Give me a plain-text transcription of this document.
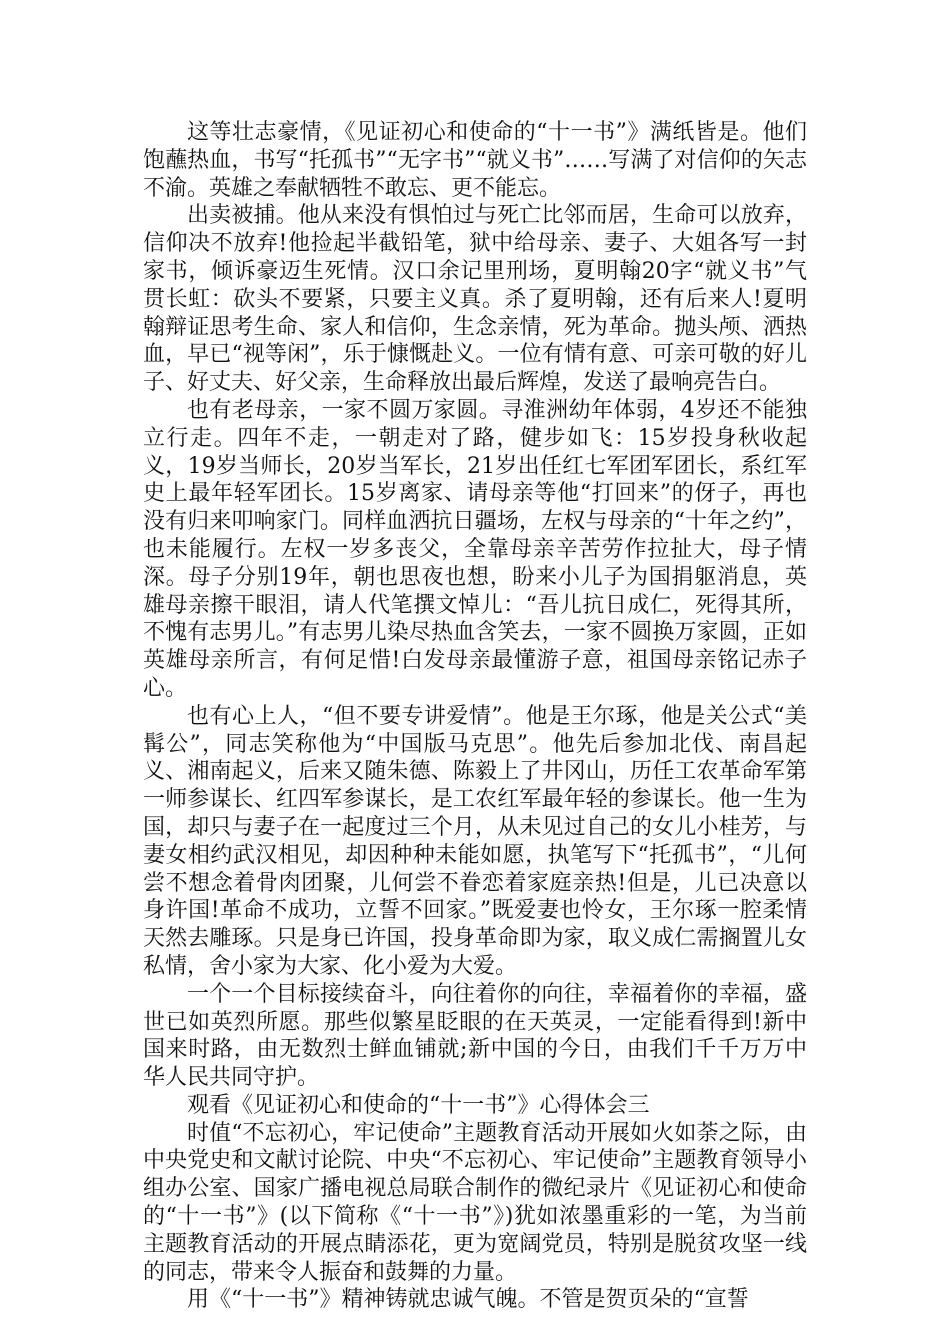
这等壮志豪情，《见证初心和使命的“十一书”》满纸皆是。他们饱蘸热血，书写“托孤书”“无字书”“就义书”……写满了对信仰的矢志不渝。英雄之奉献牺牲不敢忘、更不能忘。

出卖被捕。他从来没有惧怕过与死亡比邻而居，生命可以放弃，信仰决不放弃!他捡起半截铅笔，狱中给母亲、妻子、大姐各写一封家书，倾诉豪迈生死情。汉口余记里刑场，夏明翰20字“就义书”气贯长虹：砍头不要紧，只要主义真。杀了夏明翰，还有后来人!夏明翰辩证思考生命、家人和信仰，生念亲情，死为革命。抛头颅、洒热血，早已“视等闲”，乐于慷慨赴义。一位有情有意、可亲可敬的好儿子、好丈夫、好父亲，生命释放出最后辉煌，发送了最响亮告白。

也有老母亲，一家不圆万家圆。寻淮洲幼年体弱，4岁还不能独立行走。四年不走，一朝走对了路，健步如飞：15岁投身秋收起义，19岁当师长，20岁当军长，21岁出任红七军团军团长，系红军史上最年轻军团长。15岁离家、请母亲等他“打回来”的伢子，再也没有归来叩响家门。同样血洒抗日疆场，左权与母亲的“十年之约”，也未能履行。左权一岁多丧父，全靠母亲辛苦劳作拉扯大，母子情深。母子分别19年，朝也思夜也想，盼来小儿子为国捐躯消息，英雄母亲擦干眼泪，请人代笔撰文悼儿：“吾儿抗日成仁，死得其所，不愧有志男儿。”有志男儿染尽热血含笑去，一家不圆换万家圆，正如英雄母亲所言，有何足惜!白发母亲最懂游子意，祖国母亲铭记赤子心。

也有心上人，“但不要专讲爱情”。他是王尔琢，他是关公式“美髯公”，同志笑称他为“中国版马克思”。他先后参加北伐、南昌起义、湘南起义，后来又随朱德、陈毅上了井冈山，历任工农革命军第一师参谋长、红四军参谋长，是工农红军最年轻的参谋长。他一生为国，却只与妻子在一起度过三个月，从未见过自己的女儿小桂芳，与妻女相约武汉相见，却因种种未能如愿，执笔写下“托孤书”，“儿何尝不想念着骨肉团聚，儿何尝不眷恋着家庭亲热!但是，儿已决意以身许国!革命不成功，立誓不回家。”既爱妻也怜女，王尔琢一腔柔情天然去雕琢。只是身已许国，投身革命即为家，取义成仁需搁置儿女私情，舍小家为大家、化小爱为大爱。

一个一个目标接续奋斗，向往着你的向往，幸福着你的幸福，盛世已如英烈所愿。那些似繁星眨眼的在天英灵，一定能看得到!新中国来时路，由无数烈士鲜血铺就;新中国的今日，由我们千千万万中华人民共同守护。

观看《见证初心和使命的“十一书”》心得体会三

时值“不忘初心，牢记使命”主题教育活动开展如火如荼之际，由中央党史和文献讨论院、中央“不忘初心、牢记使命”主题教育领导小组办公室、国家广播电视总局联合制作的微纪录片《见证初心和使命的“十一书”》(以下简称《“十一书”》)犹如浓墨重彩的一笔，为当前主题教育活动的开展点睛添花，更为宽阔党员，特别是脱贫攻坚一线的同志，带来令人振奋和鼓舞的力量。

用《“十一书”》精神铸就忠诚气魄。不管是贺页朵的“宣誓
